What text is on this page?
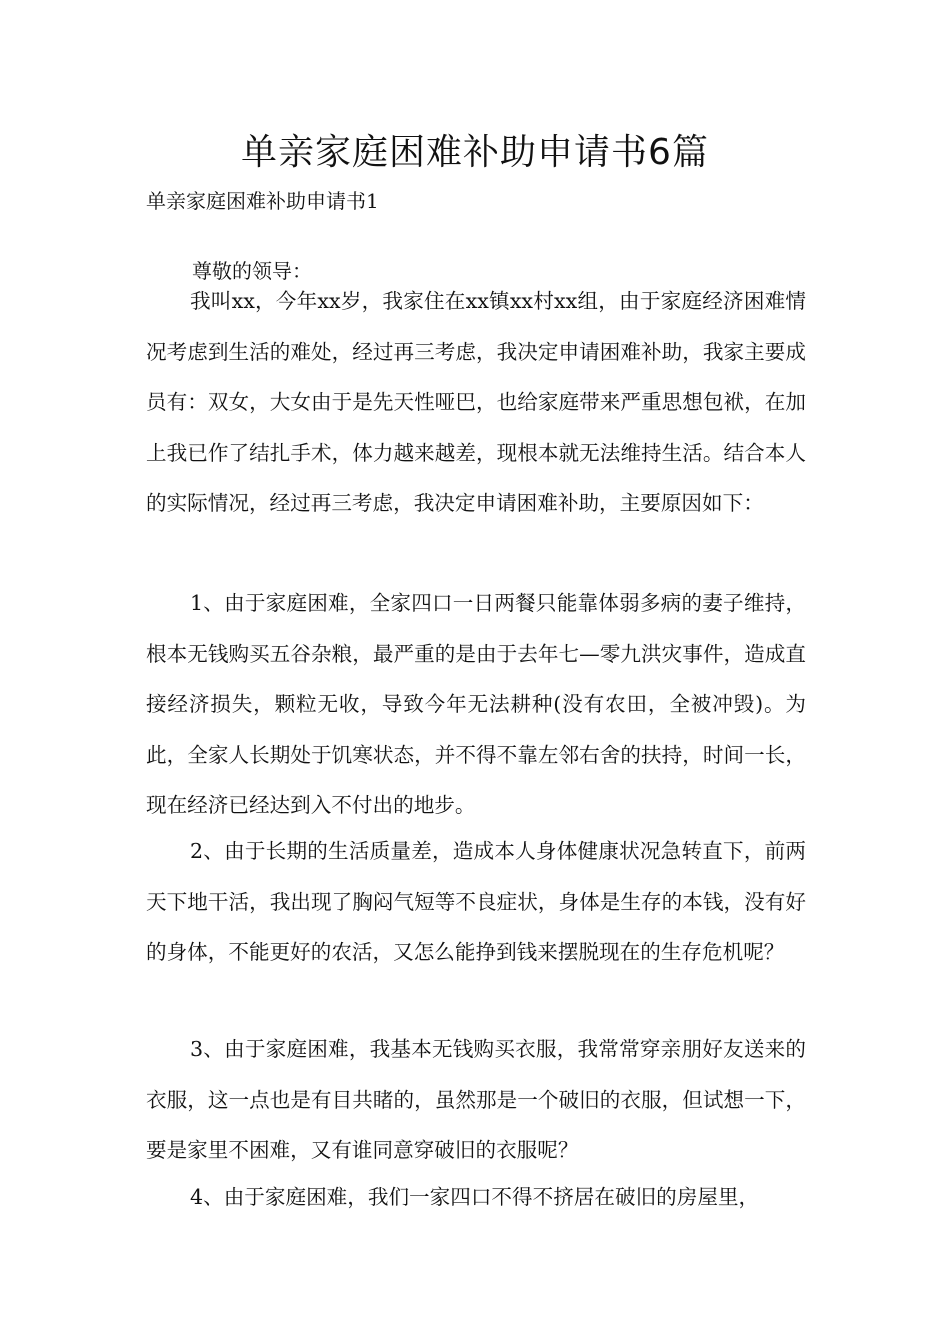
单亲家庭困难补助申请书6篇
单亲家庭困难补助申请书1
尊敬的领导：

我叫xx，今年xx岁，我家住在xx镇xx村xx组，由于家庭经济困难情况考虑到生活的难处，经过再三考虑，我决定申请困难补助，我家主要成员有：双女，大女由于是先天性哑巴，也给家庭带来严重思想包袱，在加上我已作了结扎手术，体力越来越差，现根本就无法维持生活。结合本人的实际情况，经过再三考虑，我决定申请困难补助，主要原因如下：

1、由于家庭困难，全家四口一日两餐只能靠体弱多病的妻子维持，根本无钱购买五谷杂粮，最严重的是由于去年七—零九洪灾事件，造成直接经济损失，颗粒无收，导致今年无法耕种(没有农田，全被冲毁)。为此，全家人长期处于饥寒状态，并不得不靠左邻右舍的扶持，时间一长，现在经济已经达到入不付出的地步。

2、由于长期的生活质量差，造成本人身体健康状况急转直下，前两天下地干活，我出现了胸闷气短等不良症状，身体是生存的本钱，没有好的身体，不能更好的农活，又怎么能挣到钱来摆脱现在的生存危机呢？

3、由于家庭困难，我基本无钱购买衣服，我常常穿亲朋好友送来的衣服，这一点也是有目共睹的，虽然那是一个破旧的衣服，但试想一下，要是家里不困难，又有谁同意穿破旧的衣服呢？

4、由于家庭困难，我们一家四口不得不挤居在破旧的房屋里，
